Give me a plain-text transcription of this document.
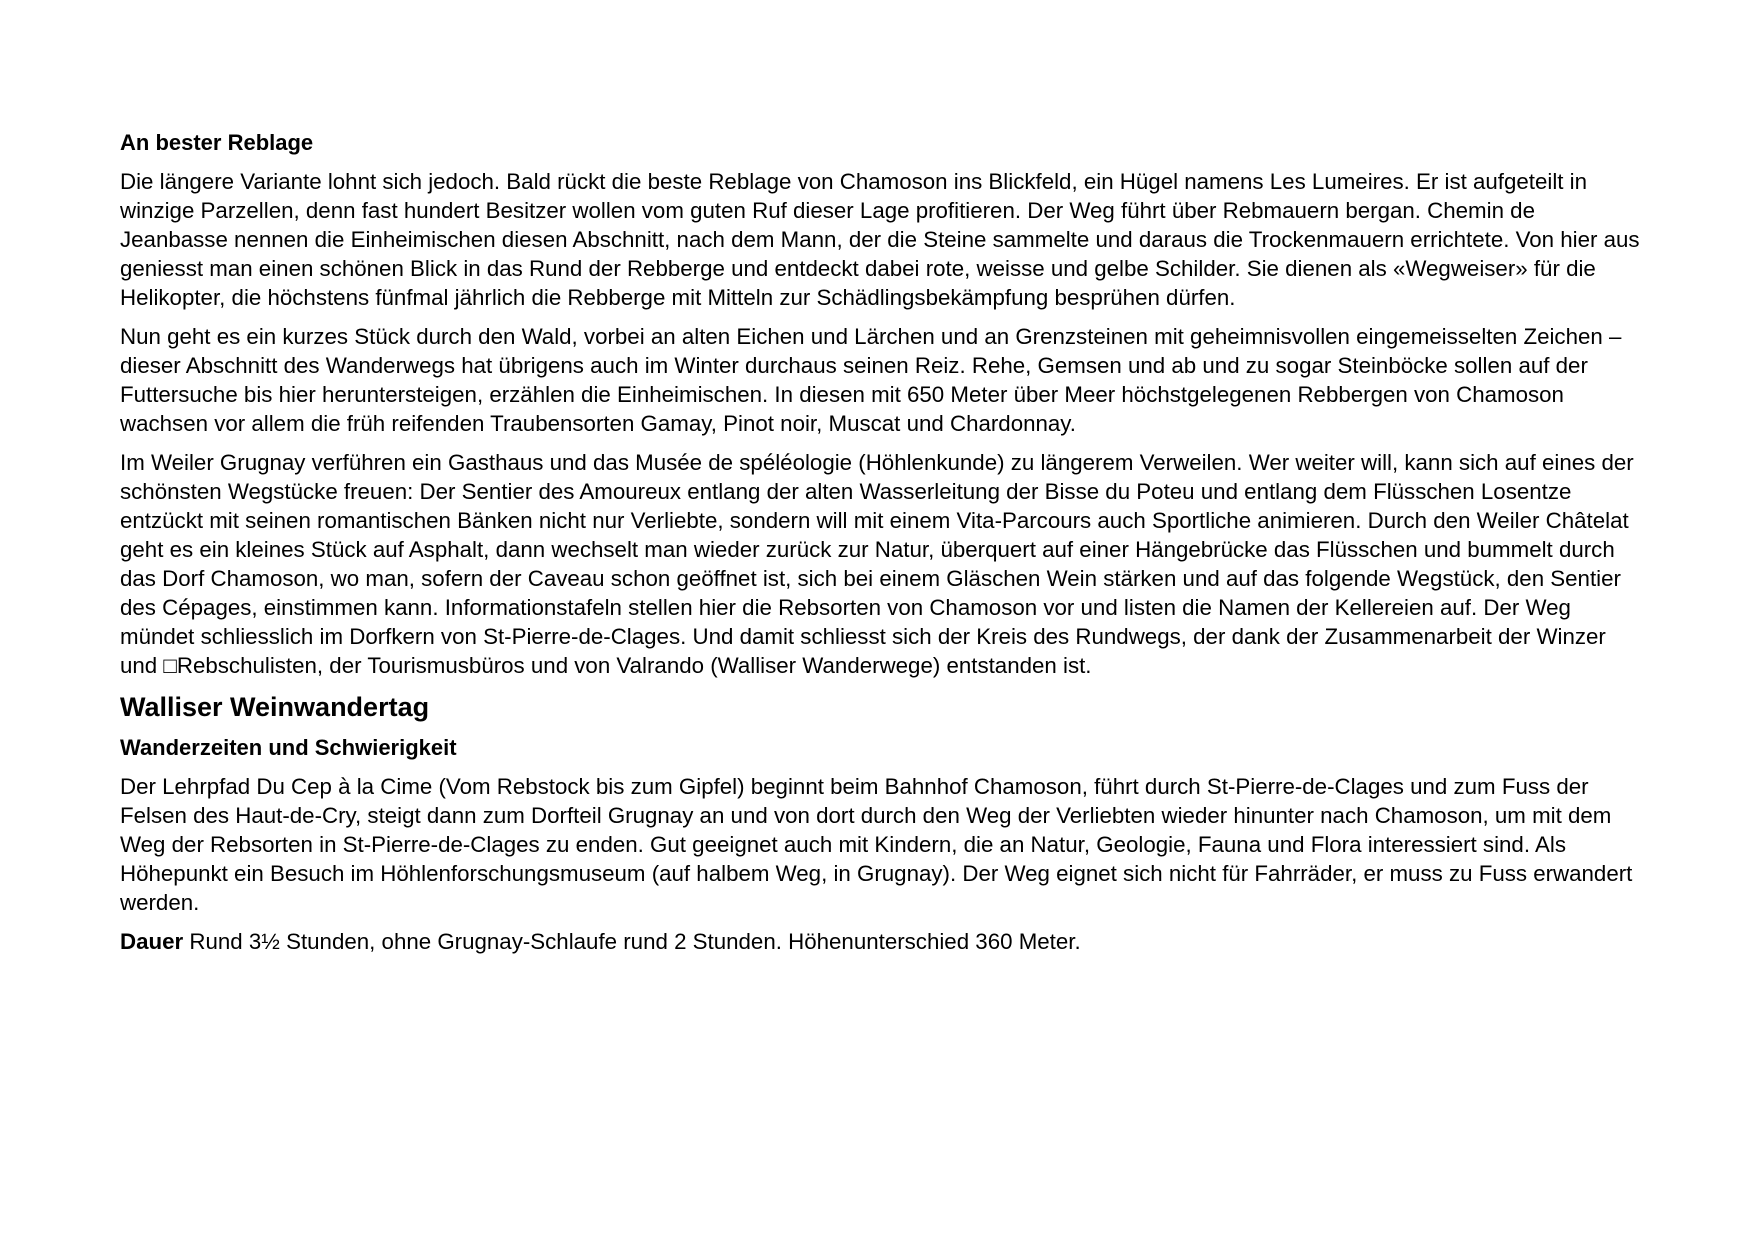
An bester Reblage

Die längere Variante lohnt sich jedoch. Bald rückt die beste Reblage von Chamoson ins Blickfeld, ein Hügel namens Les Lumeires. Er ist aufgeteilt in winzige Parzellen, denn fast hundert Besitzer wollen vom guten Ruf dieser Lage profitieren. Der Weg führt über Rebmauern bergan. Chemin de Jeanbasse nennen die Einheimischen diesen Abschnitt, nach dem Mann, der die Steine sammelte und daraus die Trockenmauern errichtete. Von hier aus geniesst man einen schönen Blick in das Rund der Rebberge und entdeckt dabei rote, weisse und gelbe Schilder. Sie dienen als «Wegweiser» für die Helikopter, die höchstens fünfmal jährlich die Rebberge mit Mitteln zur Schädlingsbekämpfung besprühen dürfen.

Nun geht es ein kurzes Stück durch den Wald, vorbei an alten Eichen und Lärchen und an Grenzsteinen mit geheimnisvollen eingemeisselten Zeichen – dieser Abschnitt des Wanderwegs hat übrigens auch im Winter durchaus seinen Reiz. Rehe, Gemsen und ab und zu sogar Steinböcke sollen auf der Futtersuche bis hier heruntersteigen, erzählen die Einheimischen. In diesen mit 650 Meter über Meer höchstgelegenen Rebbergen von Chamoson wachsen vor allem die früh reifenden Traubensorten Gamay, Pinot noir, Muscat und Chardonnay.

Im Weiler Grugnay verführen ein Gasthaus und das Musée de spéléologie (Höhlenkunde) zu längerem Verweilen. Wer weiter will, kann sich auf eines der schönsten Wegstücke freuen: Der Sentier des Amoureux entlang der alten Wasserleitung der Bisse du Poteu und entlang dem Flüsschen Losentze entzückt mit seinen romantischen Bänken nicht nur Verliebte, sondern will mit einem Vita-Parcours auch Sportliche animieren. Durch den Weiler Châtelat geht es ein kleines Stück auf Asphalt, dann wechselt man wieder zurück zur Natur, überquert auf einer Hängebrücke das Flüsschen und bummelt durch das Dorf Chamoson, wo man, sofern der Caveau schon geöffnet ist, sich bei einem Gläschen Wein stärken und auf das folgende Wegstück, den Sentier des Cépages, einstimmen kann. Informationstafeln stellen hier die Rebsorten von Chamoson vor und listen die Namen der Kellereien auf. Der Weg mündet schliesslich im Dorfkern von St-Pierre-de-Clages. Und damit schliesst sich der Kreis des Rundwegs, der dank der Zusammenarbeit der Winzer und □Rebschulisten, der Tourismusbüros und von Valrando (Walliser Wanderwege) entstanden ist.

Walliser Weinwandertag
Wanderzeiten und Schwierigkeit

Der Lehrpfad Du Cep à la Cime (Vom Rebstock bis zum Gipfel) beginnt beim Bahnhof Chamoson, führt durch St-Pierre-de-Clages und zum Fuss der Felsen des Haut-de-Cry, steigt dann zum Dorfteil Grugnay an und von dort durch den Weg der Verliebten wieder hinunter nach Chamoson, um mit dem Weg der Rebsorten in St-Pierre-de-Clages zu enden. Gut geeignet auch mit Kindern, die an Natur, Geologie, Fauna und Flora interessiert sind. Als Höhepunkt ein Besuch im Höhlenforschungsmuseum (auf halbem Weg, in Grugnay). Der Weg eignet sich nicht für Fahrräder, er muss zu Fuss erwandert werden.

Dauer Rund 3½ Stunden, ohne Grugnay-Schlaufe rund 2 Stunden. Höhenunterschied 360 Meter.
